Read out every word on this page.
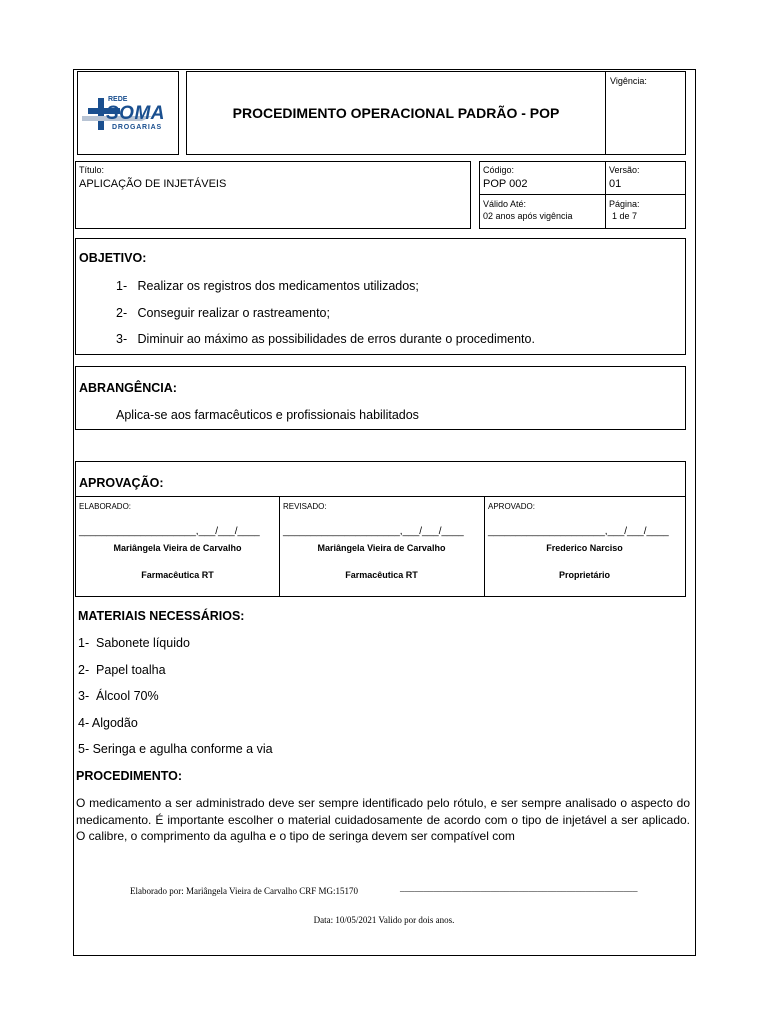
REDE
SOMA
DROGARIAS
PROCEDIMENTO OPERACIONAL PADRÃO - POP
Vigência:
Título:
APLICAÇÃO DE INJETÁVEIS
Código:
POP 002
Versão:
01
Válido Até:
02 anos após vigência
Página:
1 de 7
OBJETIVO:
1-   Realizar os registros dos medicamentos utilizados;
2-   Conseguir realizar o rastreamento;
3-   Diminuir ao máximo as possibilidades de erros durante o procedimento.
ABRANGÊNCIA:
Aplica-se aos farmacêuticos e profissionais habilitados
APROVAÇÃO:
ELABORADO:
_____________________,___/___/____
Mariângela Vieira de Carvalho
Farmacêutica RT
REVISADO:
_____________________,___/___/____
Mariângela Vieira de Carvalho
Farmacêutica RT
APROVADO:
_____________________,___/___/____
Frederico Narciso
Proprietário
MATERIAIS NECESSÁRIOS:
1-  Sabonete líquido
2-  Papel toalha
3-  Álcool 70%
4- Algodão
5- Seringa e agulha conforme a via
PROCEDIMENTO:

O medicamento a ser administrado deve ser sempre identificado pelo rótulo, e ser sempre analisado o aspecto do medicamento. É importante escolher o material cuidadosamente de acordo com o tipo de injetável a ser aplicado. O calibre, o comprimento da agulha e o tipo de seringa devem ser compatível com

Elaborado por: Mariângela Vieira de Carvalho CRF MG:15170	__________________________________________________
Data: 10/05/2021 Valido por dois anos.
